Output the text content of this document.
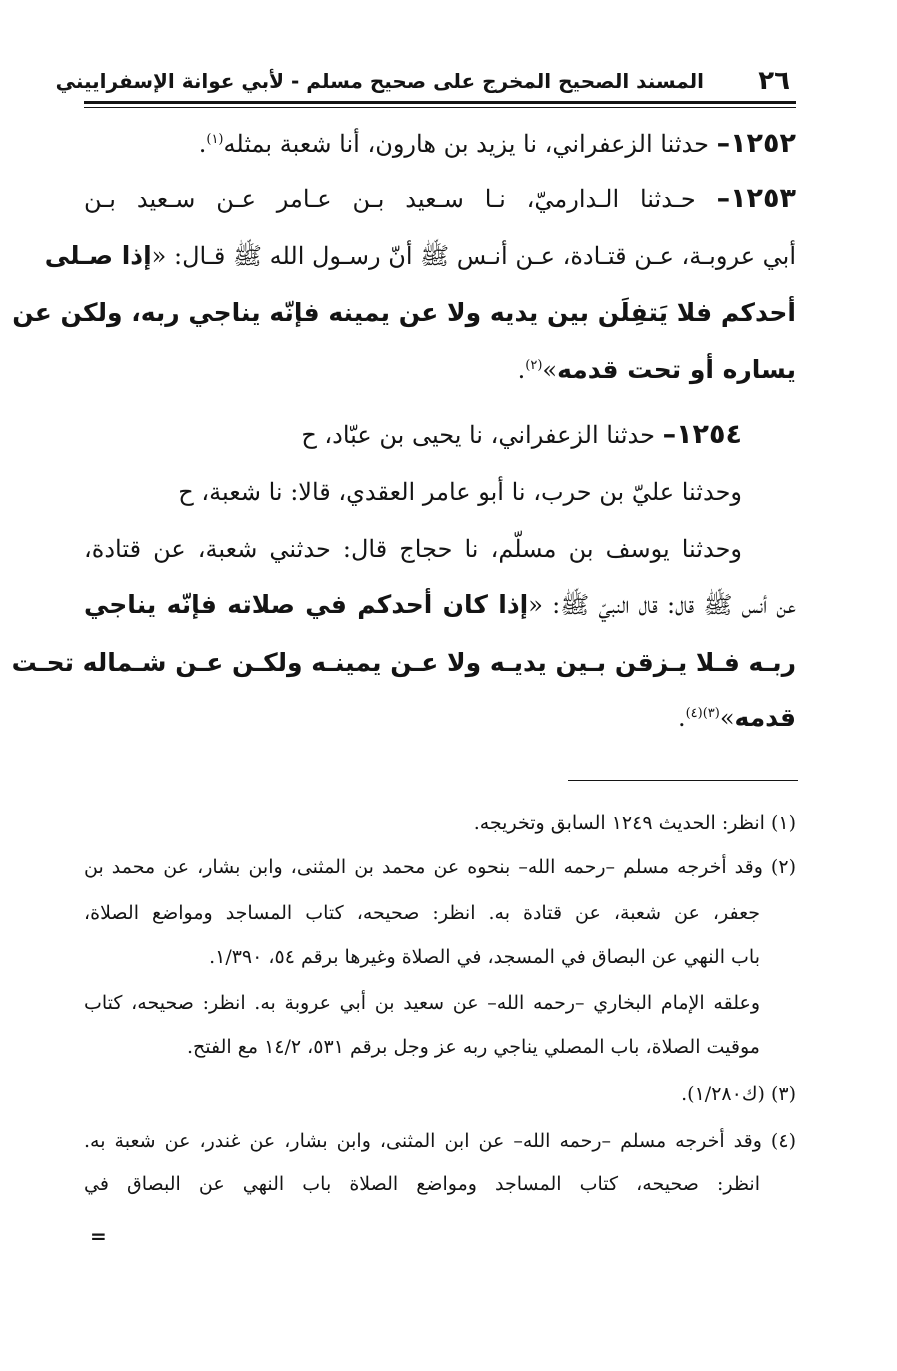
٢٦
المسند الصحيح المخرج على صحيح مسلم - لأبي عوانة الإسفراييني
١٢٥٢– حدثنا الزعفراني، نا يزيد بن هارون، أنا شعبة بمثله$^{(١)}$.
١٢٥٣– حـدثنا الـدارميّ، نـا سـعيد بـن عـامر عـن سـعيد بـن
أبي عروبـة، عـن قتـادة، عـن أنـس ﷺ أنّ رسـول الله ﷺ قـال: «إذا صـلى
أحدكم فلا يَتفِلَن بين يديه ولا عن يمينه فإنّه يناجي ربه، ولكن عن
يساره أو تحت قدمه»$^{(٢)}$.
١٢٥٤– حدثنا الزعفراني، نا يحيى بن عبّاد، ح
وحدثنا عليّ بن حرب، نا أبو عامر العقدي، قالا: نا شعبة، ح
وحدثنا يوسف بن مسلّم، نا حجاج قال: حدثني شعبة، عن قتادة،
عن أنس ﷺ قال: قال النبيّ ﷺ: «إذا كان أحدكم في صلاته فإنّه يناجي
ربـه فـلا يـزقن بـين يديـه ولا عـن يمينـه ولكـن عـن شـماله تحـت
قدمه»$^{(٣)(٤)}$.
(١) انظر: الحديث ١٢٤٩ السابق وتخريجه.
(٢) وقد أخرجه مسلم –رحمه الله– بنحوه عن محمد بن المثنى، وابن بشار، عن محمد بن
جعفر، عن شعبة، عن قتادة به. انظر: صحيحه، كتاب المساجد ومواضع الصلاة،
باب النهي عن البصاق في المسجد، في الصلاة وغيرها برقم ٥٤، ١/٣٩٠.
وعلقه الإمام البخاري –رحمه الله– عن سعيد بن أبي عروبة به. انظر: صحيحه، كتاب
موقيت الصلاة، باب المصلي يناجي ربه عز وجل برقم ٥٣١، ١٤/٢ مع الفتح.
(٣) (ك١/٢٨٠).
(٤) وقد أخرجه مسلم –رحمه الله– عن ابن المثنى، وابن بشار، عن غندر، عن شعبة به.
انظر: صحيحه، كتاب المساجد ومواضع الصلاة باب النهي عن البصاق في
=
